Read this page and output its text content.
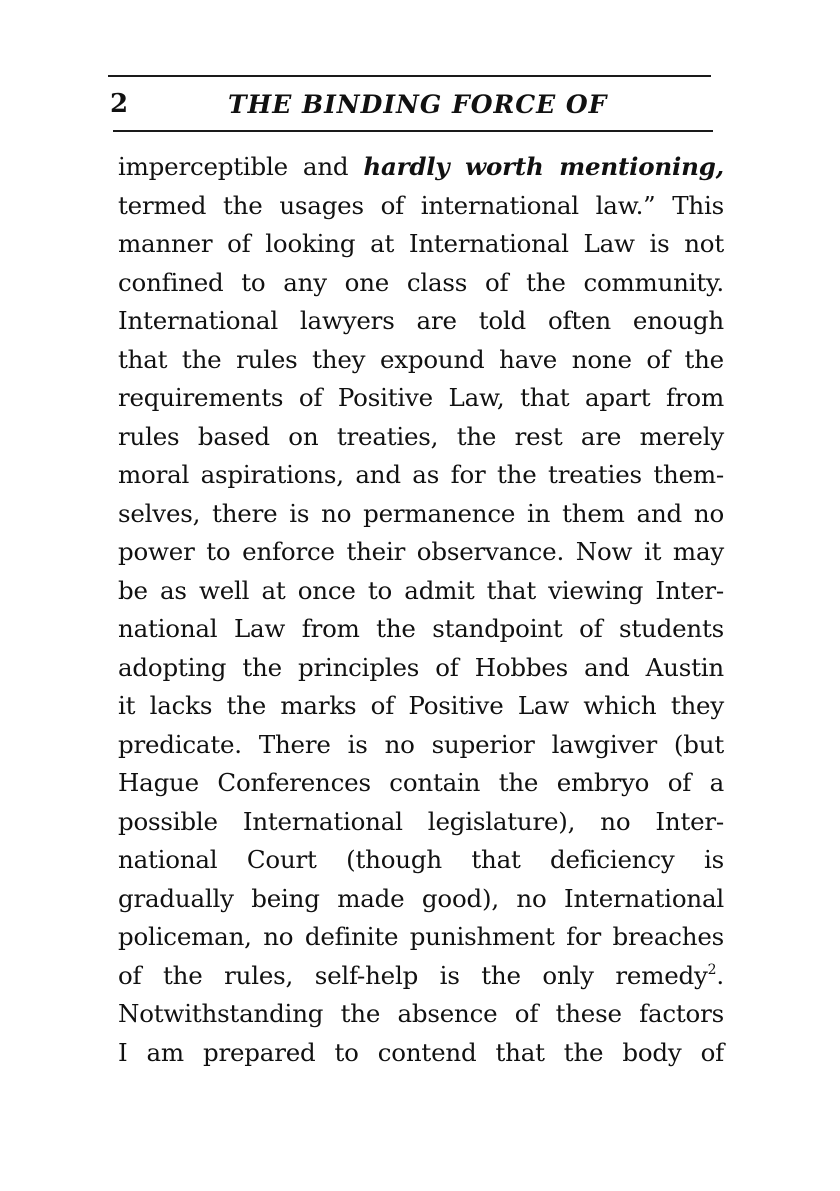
2	THE BINDING FORCE OF
imperceptible and hardly worth mentioning,
termed the usages of international law.” This
manner of looking at International Law is not
confined to any one class of the community.
International lawyers are told often enough
that the rules they expound have none of the
requirements of Positive Law, that apart from
rules based on treaties, the rest are merely
moral aspirations, and as for the treaties them-
selves, there is no permanence in them and no
power to enforce their observance. Now it may
be as well at once to admit that viewing Inter-
national Law from the standpoint of students
adopting the principles of Hobbes and Austin
it lacks the marks of Positive Law which they
predicate. There is no superior lawgiver (but
Hague Conferences contain the embryo of a
possible International legislature), no Inter-
national Court (though that deficiency is
gradually being made good), no International
policeman, no definite punishment for breaches
of the rules, self-help is the only remedy$^2$.
Notwithstanding the absence of these factors
I am prepared to contend that the body of
